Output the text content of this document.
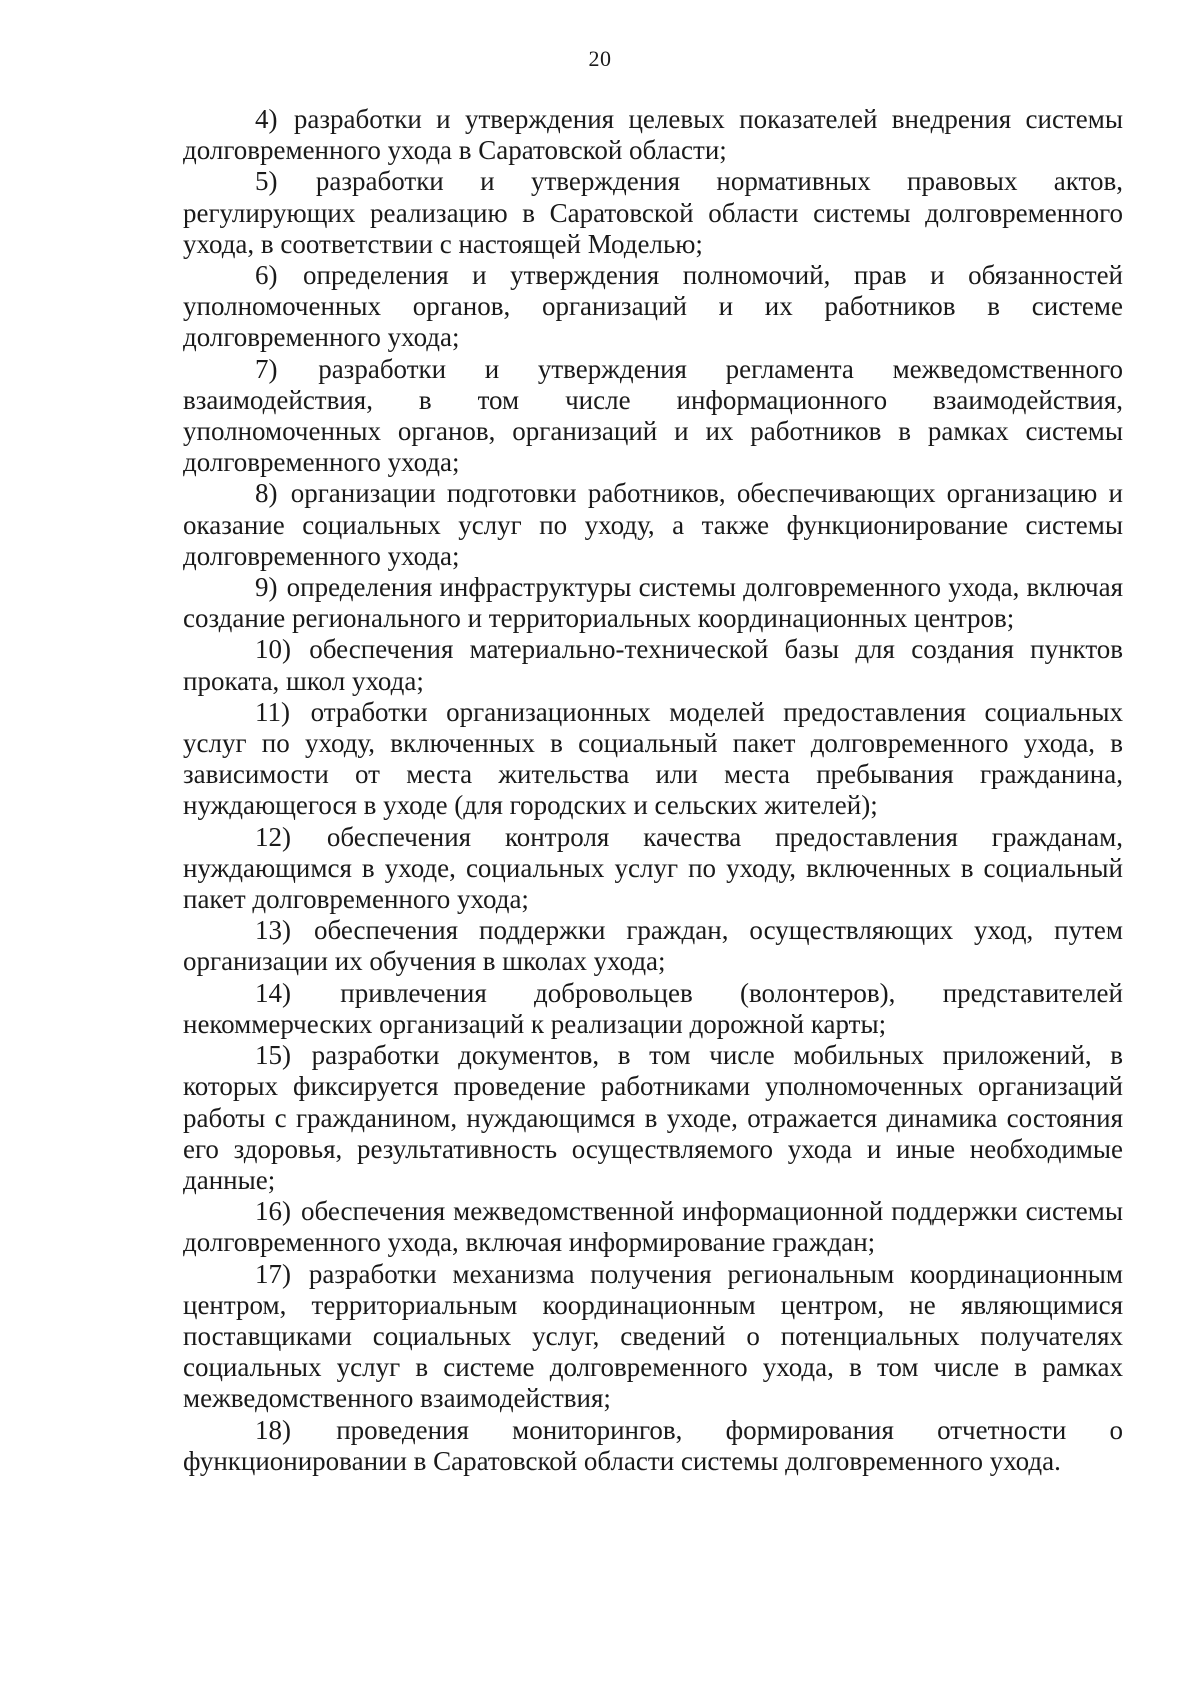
20

4) разработки и утверждения целевых показателей внедрения системы долговременного ухода в Саратовской области;

5) разработки и утверждения нормативных правовых актов, регулирующих реализацию в Саратовской области системы долговременного ухода, в соответствии с настоящей Моделью;

6) определения и утверждения полномочий, прав и обязанностей уполномоченных органов, организаций и их работников в системе долговременного ухода;

7) разработки и утверждения регламента межведомственного взаимодействия, в том числе информационного взаимодействия, уполномоченных органов, организаций и их работников в рамках системы долговременного ухода;

8) организации подготовки работников, обеспечивающих организацию и оказание социальных услуг по уходу, а также функционирование системы долговременного ухода;

9) определения инфраструктуры системы долговременного ухода, включая создание регионального и территориальных координационных центров;

10) обеспечения материально-технической базы для создания пунктов проката, школ ухода;

11) отработки организационных моделей предоставления социальных услуг по уходу, включенных в социальный пакет долговременного ухода, в зависимости от места жительства или места пребывания гражданина, нуждающегося в уходе (для городских и сельских жителей);

12) обеспечения контроля качества предоставления гражданам, нуждающимся в уходе, социальных услуг по уходу, включенных в социальный пакет долговременного ухода;

13) обеспечения поддержки граждан, осуществляющих уход, путем организации их обучения в школах ухода;

14) привлечения добровольцев (волонтеров), представителей некоммерческих организаций к реализации дорожной карты;

15) разработки документов, в том числе мобильных приложений, в которых фиксируется проведение работниками уполномоченных организаций работы с гражданином, нуждающимся в уходе, отражается динамика состояния его здоровья, результативность осуществляемого ухода и иные необходимые данные;

16) обеспечения межведомственной информационной поддержки системы долговременного ухода, включая информирование граждан;

17) разработки механизма получения региональным координационным центром, территориальным координационным центром, не являющимися поставщиками социальных услуг, сведений о потенциальных получателях социальных услуг в системе долговременного ухода, в том числе в рамках межведомственного взаимодействия;

18) проведения мониторингов, формирования отчетности о функционировании в Саратовской области системы долговременного ухода.
